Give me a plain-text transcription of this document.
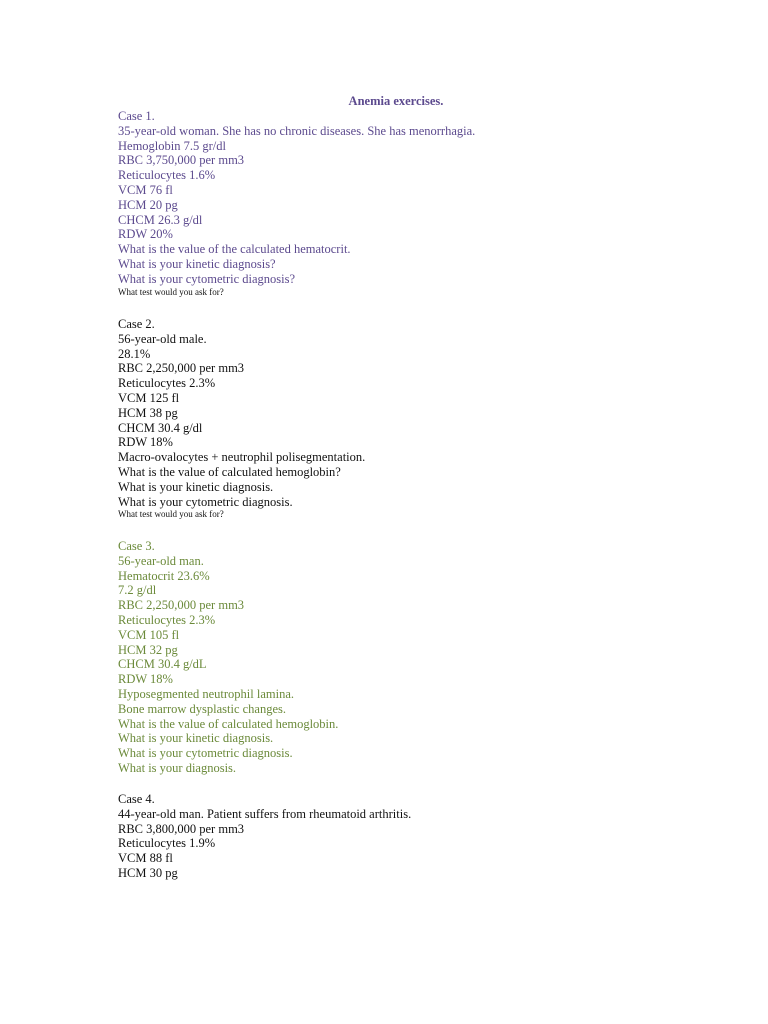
Anemia exercises.
Case 1.
35-year-old woman. She has no chronic diseases. She has menorrhagia.
Hemoglobin 7.5 gr/dl
RBC 3,750,000 per mm3
Reticulocytes 1.6%
VCM 76 fl
HCM 20 pg
CHCM 26.3 g/dl
RDW 20%
What is the value of the calculated hematocrit.
What is your kinetic diagnosis?
What is your cytometric diagnosis?
What test would you ask for?
Case 2.
56-year-old male.
28.1%
RBC 2,250,000 per mm3
Reticulocytes 2.3%
VCM 125 fl
HCM 38 pg
CHCM 30.4 g/dl
RDW 18%
Macro-ovalocytes + neutrophil polisegmentation.
What is the value of calculated hemoglobin?
What is your kinetic diagnosis.
What is your cytometric diagnosis.
What test would you ask for?
Case 3.
56-year-old man.
Hematocrit 23.6%
7.2 g/dl
RBC 2,250,000 per mm3
Reticulocytes 2.3%
VCM 105 fl
HCM 32 pg
CHCM 30.4 g/dL
RDW 18%
Hyposegmented neutrophil lamina.
Bone marrow dysplastic changes.
What is the value of calculated hemoglobin.
What is your kinetic diagnosis.
What is your cytometric diagnosis.
What is your diagnosis.
Case 4.
44-year-old man. Patient suffers from rheumatoid arthritis.
RBC 3,800,000 per mm3
Reticulocytes 1.9%
VCM 88 fl
HCM 30 pg
